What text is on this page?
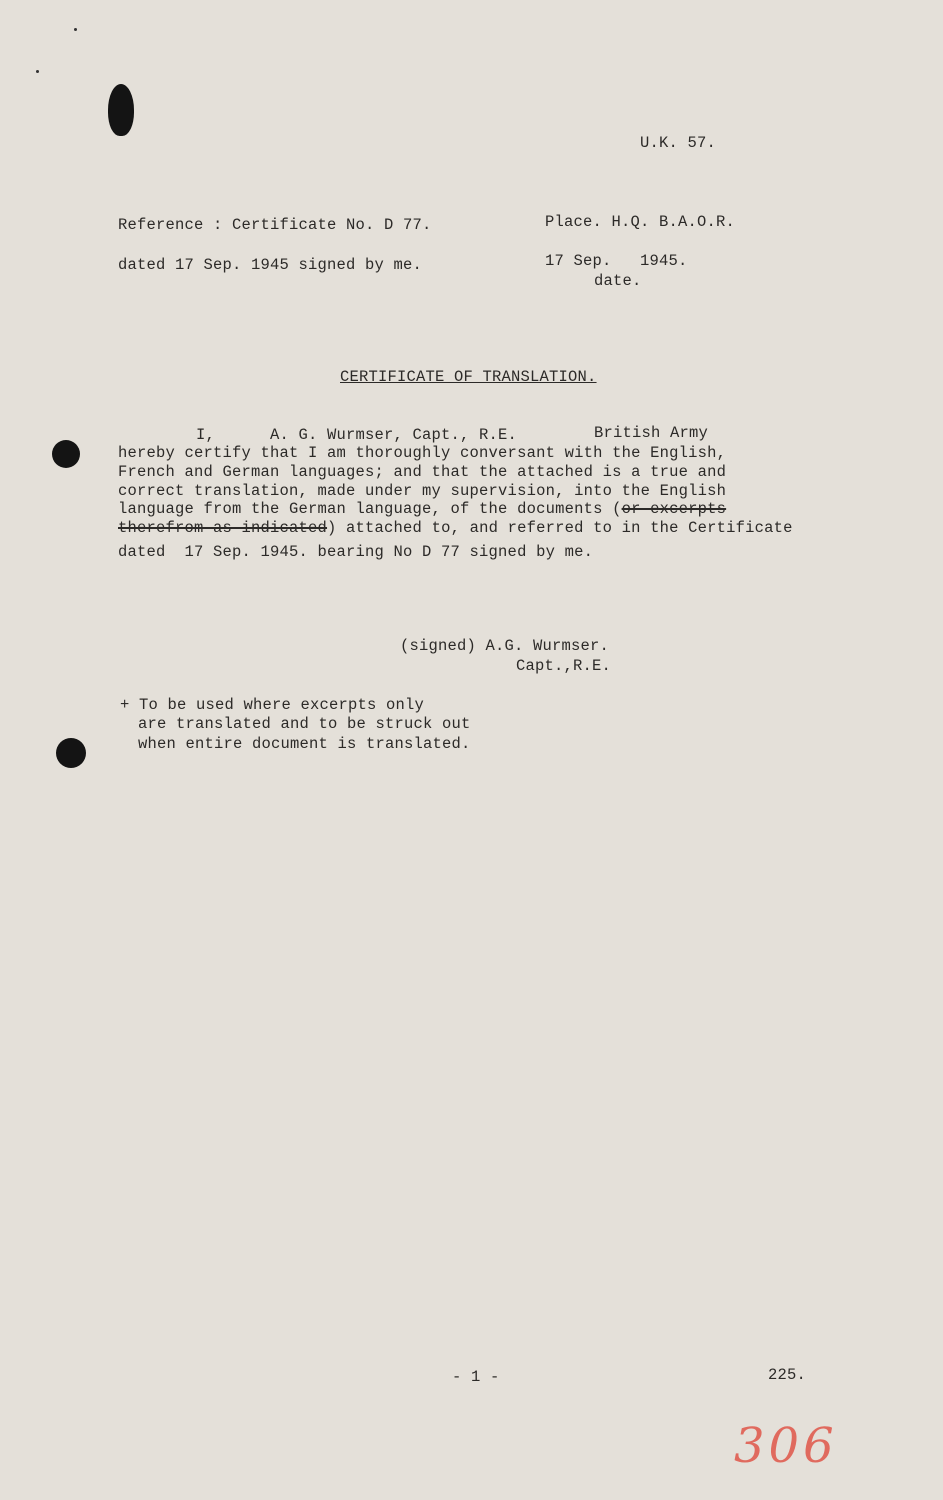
U.K. 57.
Reference : Certificate No. D 77.
dated 17 Sep. 1945 signed by me.
Place. H.Q. B.A.O.R.
17 Sep.   1945.
date.
CERTIFICATE OF TRANSLATION.
I,	A. G. Wurmser, Capt., R.E.	British Army
hereby certify that I am thoroughly conversant with the English,
French and German languages; and that the attached is a true and
correct translation, made under my supervision, into the English
language from the German language, of the documents (or excerpts
therefrom as indicated) attached to, and referred to in the Certificate
dated  17 Sep. 1945. bearing No D 77 signed by me.
(signed) A.G. Wurmser.
Capt.,R.E.
+ To be used where excerpts only
are translated and to be struck out
when entire document is translated.
- 1 -	225.
306
